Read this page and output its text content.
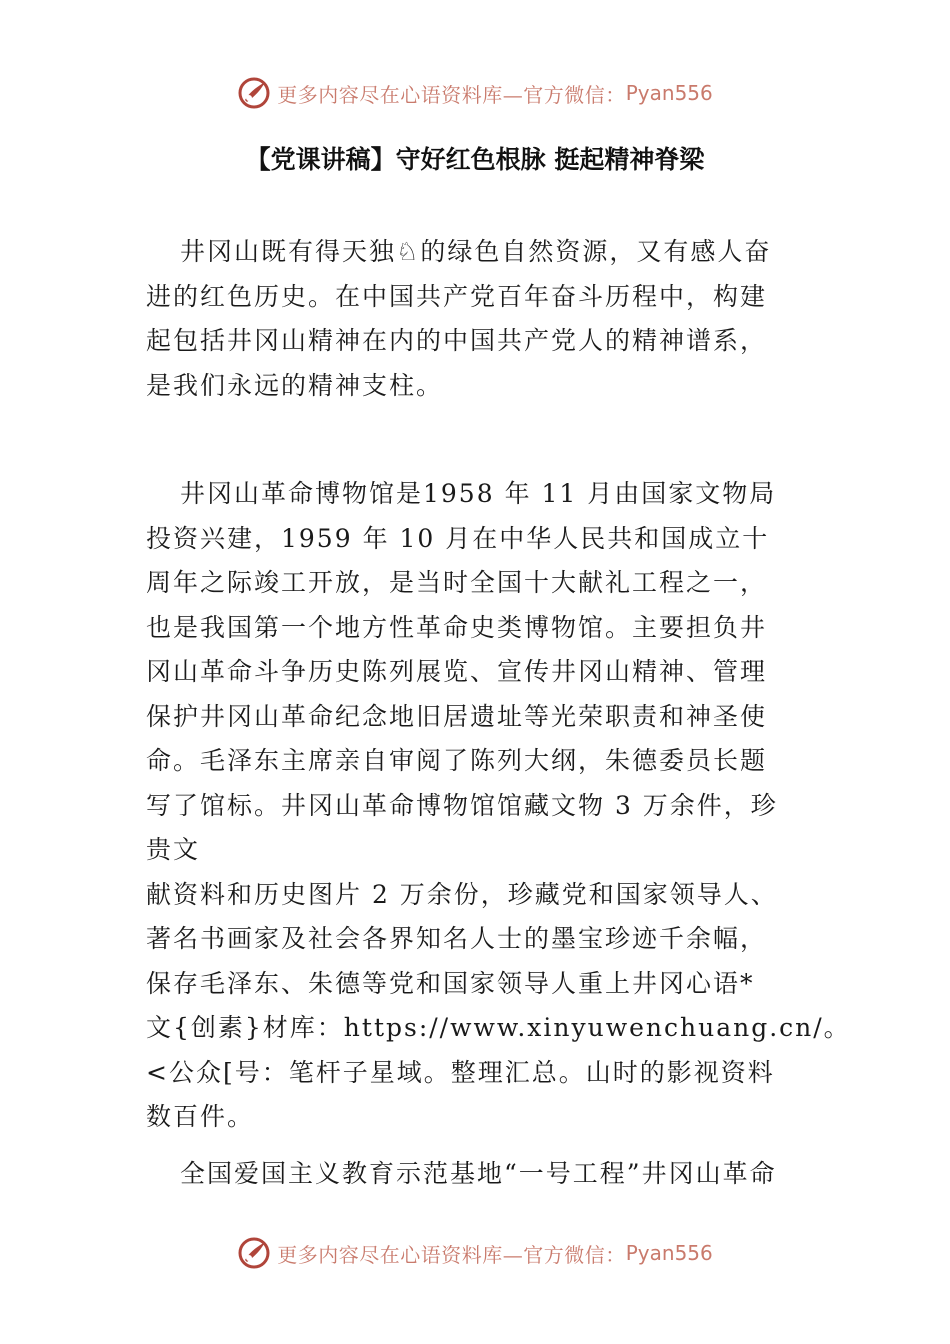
更多内容尽在心语资料库—官方微信： Pyan556
【党课讲稿】守好红色根脉 挺起精神脊梁
井冈山既有得天独♘的绿色自然资源，又有感人奋
进的红色历史。在中国共产党百年奋斗历程中，构建
起包括井冈山精神在内的中国共产党人的精神谱系，
是我们永远的精神支柱。
井冈山革命博物馆是1958 年 11 月由国家文物局
投资兴建，1959 年 10 月在中华人民共和国成立十
周年之际竣工开放，是当时全国十大献礼工程之一，
也是我国第一个地方性革命史类博物馆。主要担负井
冈山革命斗争历史陈列展览、宣传井冈山精神、管理
保护井冈山革命纪念地旧居遗址等光荣职责和神圣使
命。毛泽东主席亲自审阅了陈列大纲，朱德委员长题
写了馆标。井冈山革命博物馆馆藏文物 3 万余件，珍
贵文
献资料和历史图片 2 万余份，珍藏党和国家领导人、
著名书画家及社会各界知名人士的墨宝珍迹千余幅，
保存毛泽东、朱德等党和国家领导人重上井冈心语*
文{创素}材库：https://www.xinyuwenchuang.cn/。
<公众[号：笔杆子星域。整理汇总。山时的影视资料
数百件。
全国爱国主义教育示范基地“一号工程”井冈山革命
更多内容尽在心语资料库—官方微信： Pyan556
